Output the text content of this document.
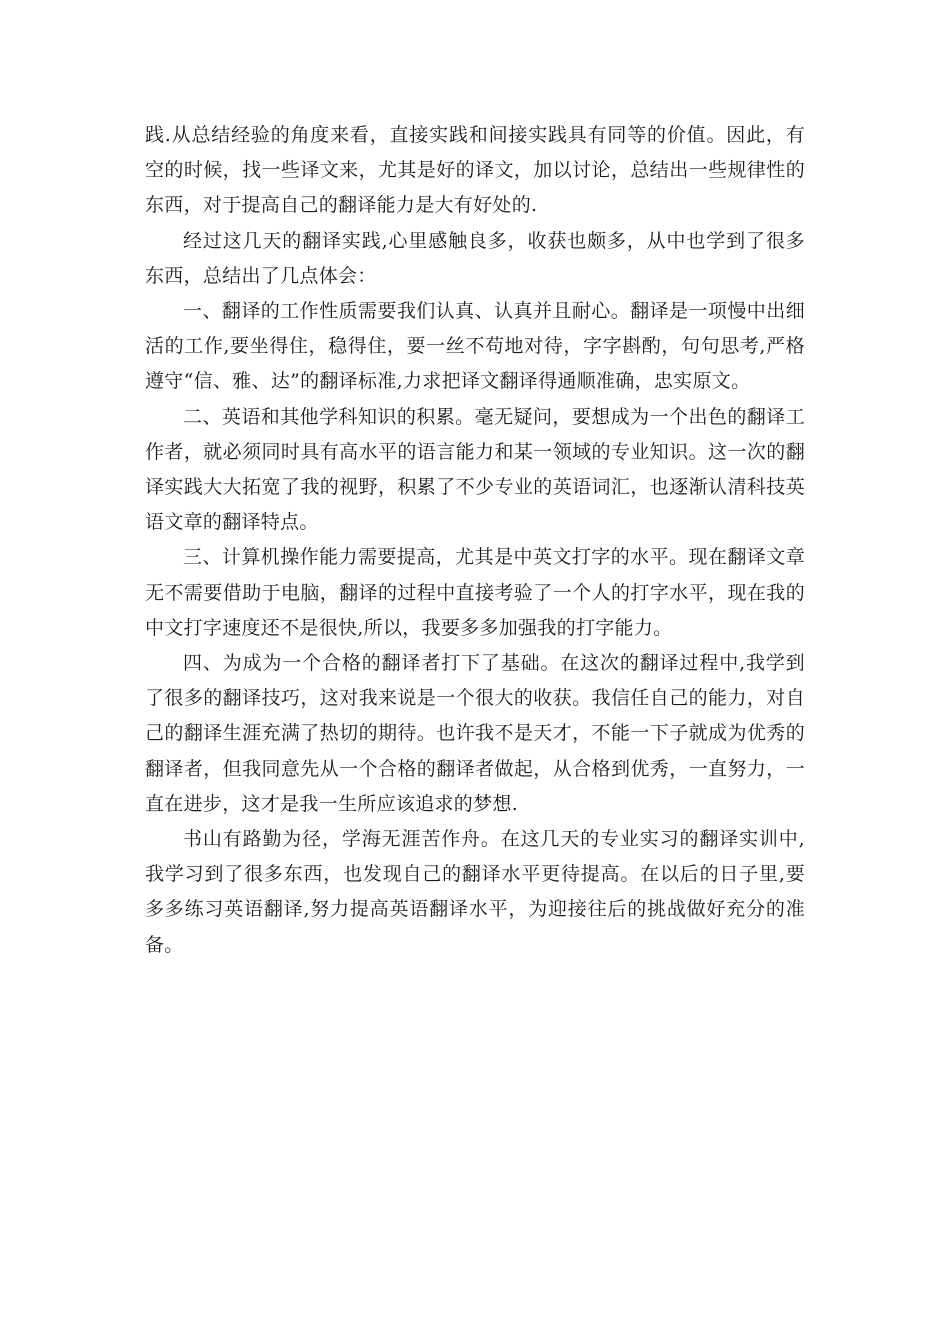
践.从总结经验的角度来看，直接实践和间接实践具有同等的价值。因此，有空的时候，找一些译文来，尤其是好的译文，加以讨论，总结出一些规律性的东西，对于提高自己的翻译能力是大有好处的.

经过这几天的翻译实践,心里感触良多，收获也颇多，从中也学到了很多东西，总结出了几点体会：

一、翻译的工作性质需要我们认真、认真并且耐心。翻译是一项慢中出细活的工作,要坐得住，稳得住，要一丝不苟地对待，字字斟酌，句句思考,严格遵守“信、雅、达”的翻译标准,力求把译文翻译得通顺准确，忠实原文。

二、英语和其他学科知识的积累。毫无疑问，要想成为一个出色的翻译工作者，就必须同时具有高水平的语言能力和某一领域的专业知识。这一次的翻译实践大大拓宽了我的视野，积累了不少专业的英语词汇，也逐渐认清科技英语文章的翻译特点。

三、计算机操作能力需要提高，尤其是中英文打字的水平。现在翻译文章无不需要借助于电脑，翻译的过程中直接考验了一个人的打字水平，现在我的中文打字速度还不是很快,所以，我要多多加强我的打字能力。

四、为成为一个合格的翻译者打下了基础。在这次的翻译过程中,我学到了很多的翻译技巧，这对我来说是一个很大的收获。我信任自己的能力，对自己的翻译生涯充满了热切的期待。也许我不是天才，不能一下子就成为优秀的翻译者，但我同意先从一个合格的翻译者做起，从合格到优秀，一直努力，一直在进步，这才是我一生所应该追求的梦想.

书山有路勤为径，学海无涯苦作舟。在这几天的专业实习的翻译实训中,我学习到了很多东西，也发现自己的翻译水平更待提高。在以后的日子里,要多多练习英语翻译,努力提高英语翻译水平，为迎接往后的挑战做好充分的准备。
